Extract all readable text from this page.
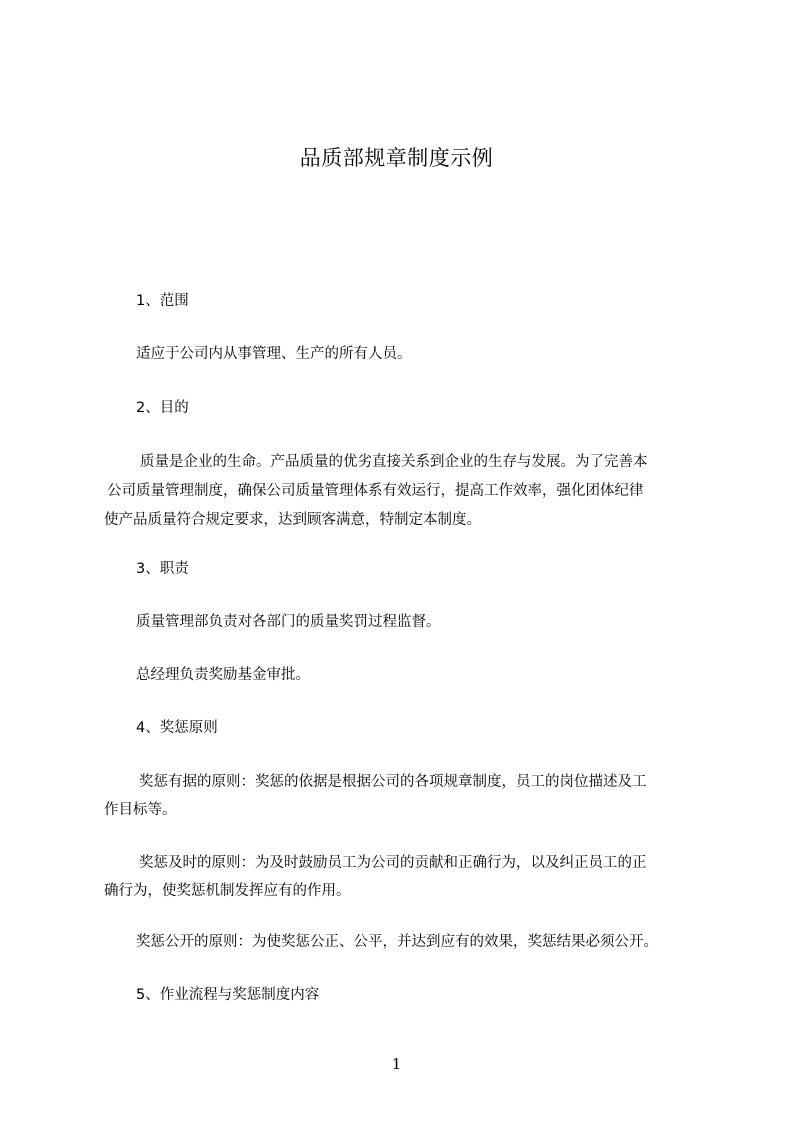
品质部规章制度示例
1、范围
适应于公司内从事管理、生产的所有人员。
2、目的
质量是企业的生命。产品质量的优劣直接关系到企业的生存与发展。为了完善本
公司质量管理制度，确保公司质量管理体系有效运行，提高工作效率，强化团体纪律
使产品质量符合规定要求，达到顾客满意，特制定本制度。
3、职责
质量管理部负责对各部门的质量奖罚过程监督。
总经理负责奖励基金审批。
4、奖惩原则
奖惩有据的原则：奖惩的依据是根据公司的各项规章制度，员工的岗位描述及工
作目标等。
奖惩及时的原则：为及时鼓励员工为公司的贡献和正确行为，以及纠正员工的正
确行为，使奖惩机制发挥应有的作用。
奖惩公开的原则：为使奖惩公正、公平，并达到应有的效果，奖惩结果必须公开。
5、作业流程与奖惩制度内容
1
